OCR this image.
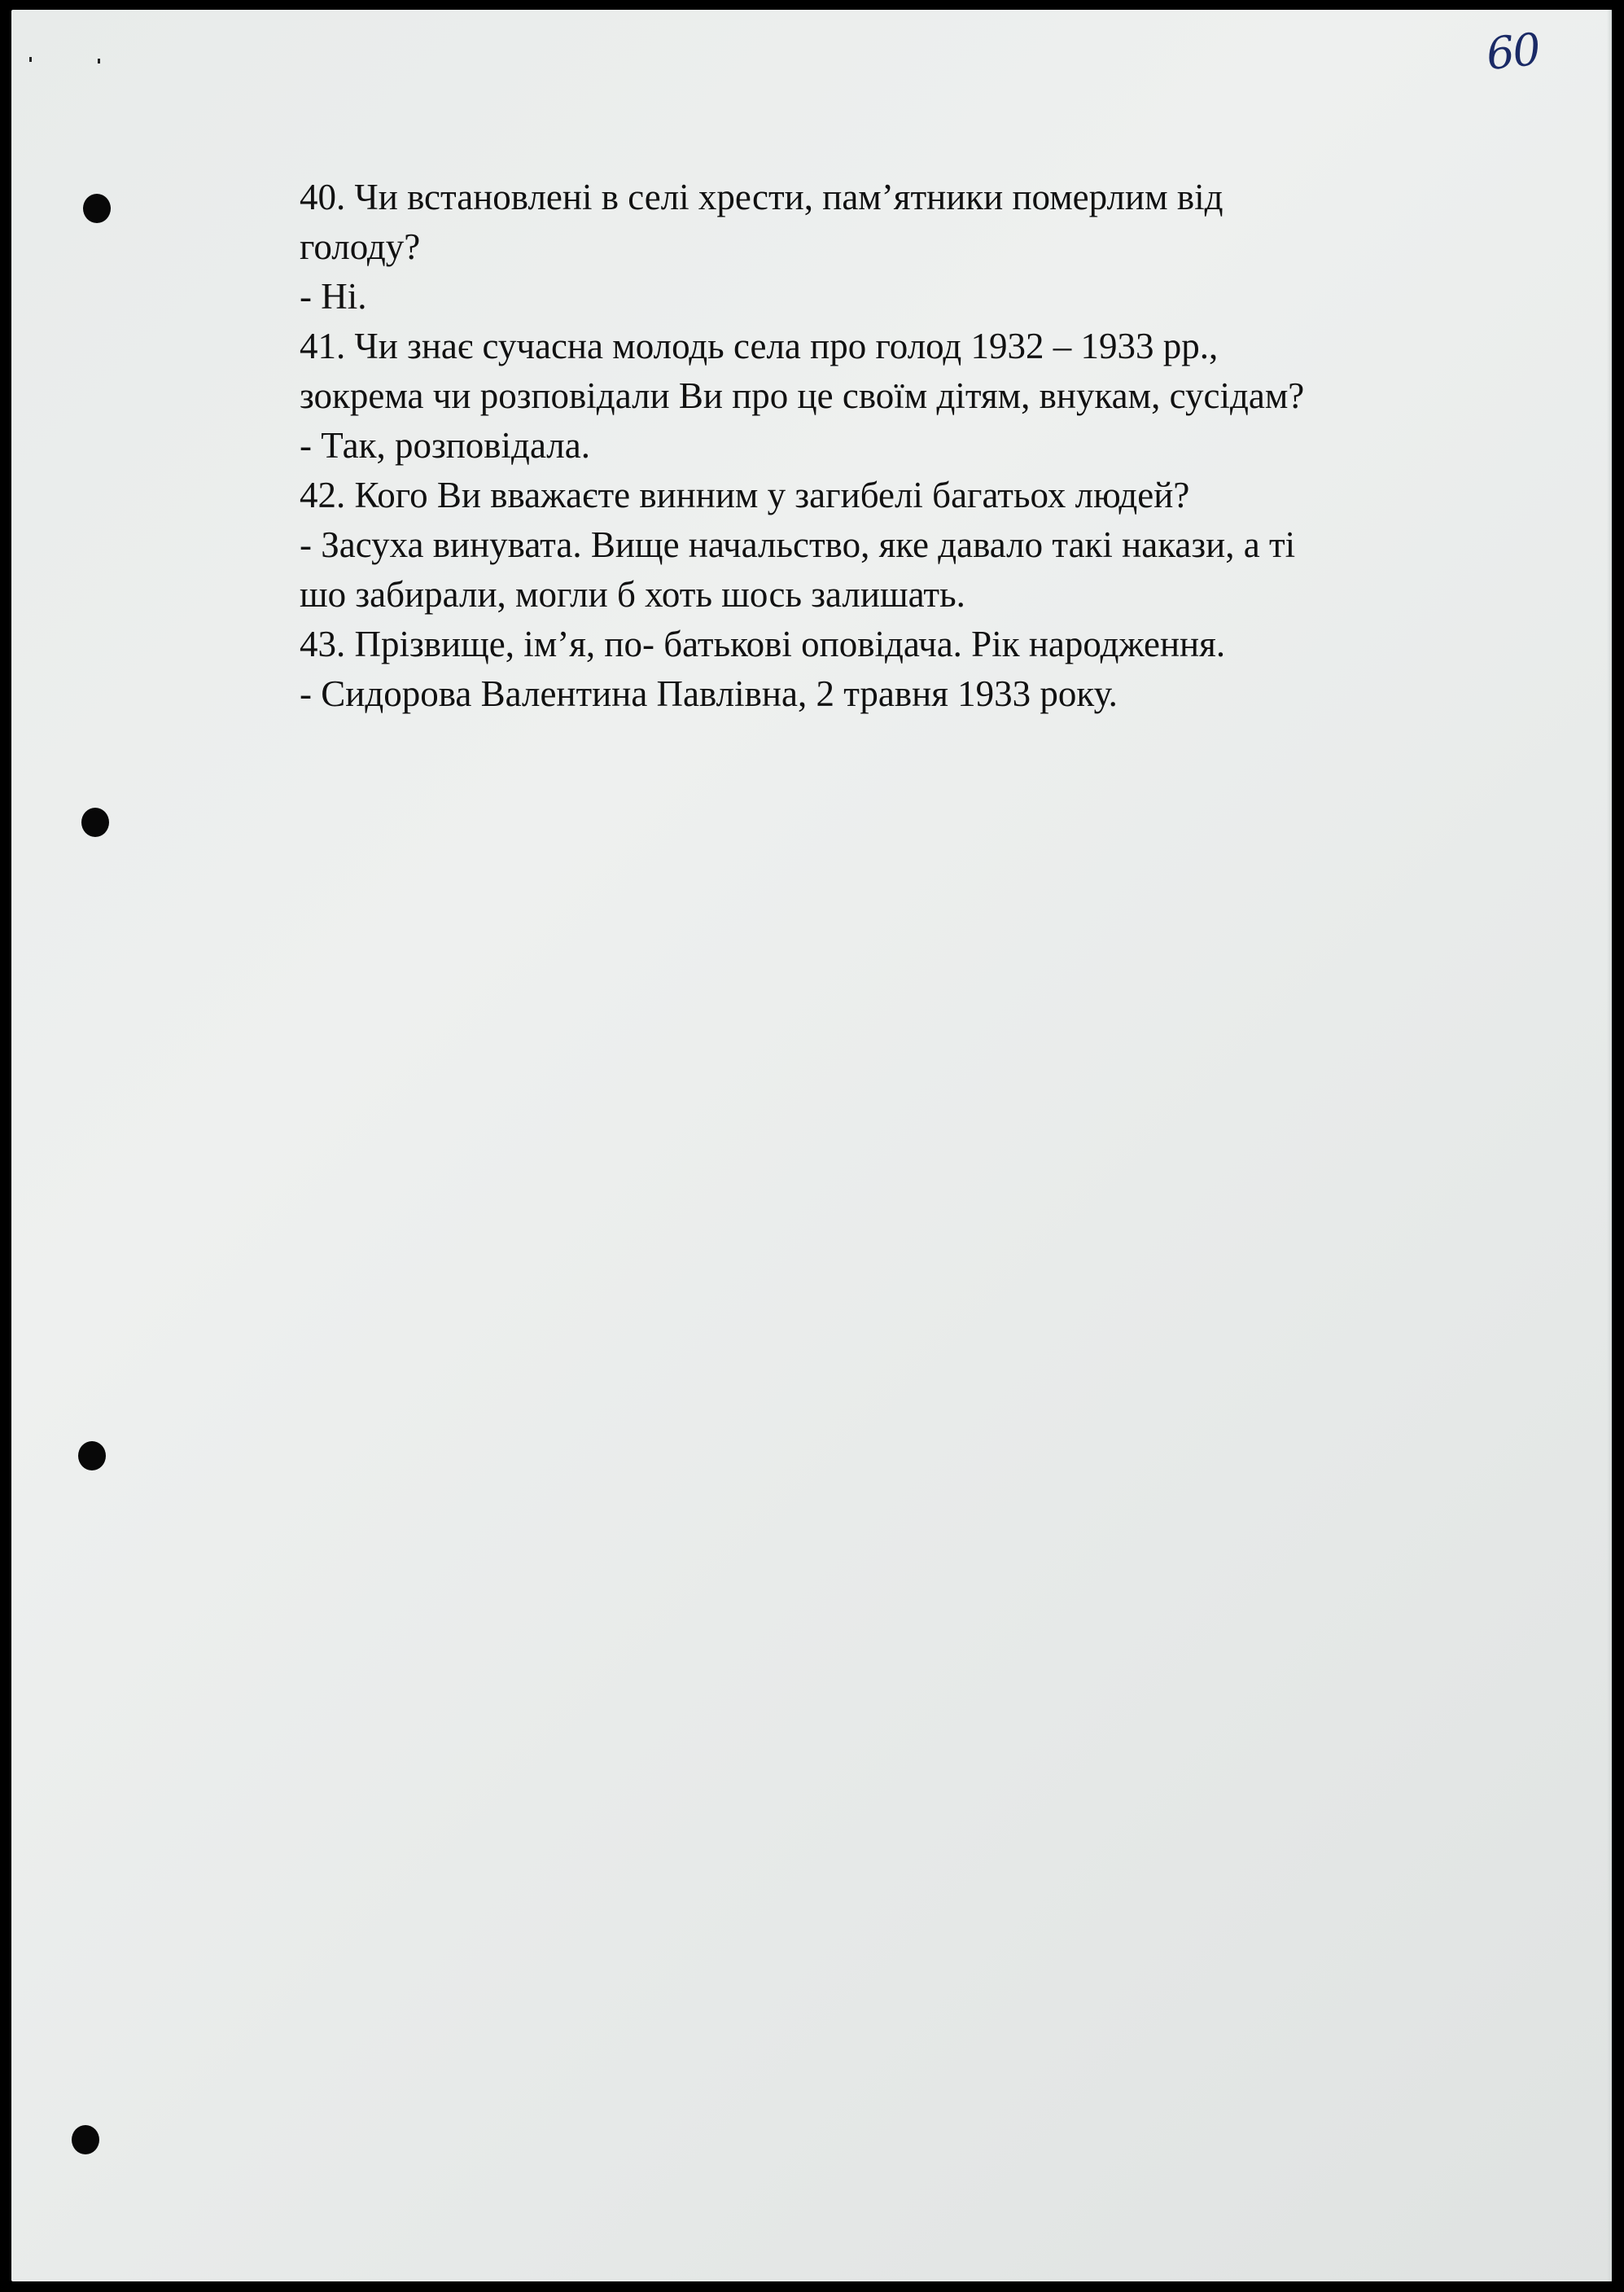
60
40. Чи встановлені в селі хрести, пам’ятники померлим від
голоду?
- Ні.
41. Чи знає сучасна молодь села про голод 1932 – 1933 рр.,
зокрема чи розповідали Ви про це своїм дітям, внукам, сусідам?
- Так, розповідала.
42. Кого Ви вважаєте винним у загибелі багатьох людей?
- Засуха винувата. Вище начальство, яке давало такі накази, а ті
шо забирали, могли б хоть шось залишать.
43. Прізвище, ім’я, по- батькові оповідача. Рік народження.
- Сидорова Валентина Павлівна, 2 травня 1933 року.
